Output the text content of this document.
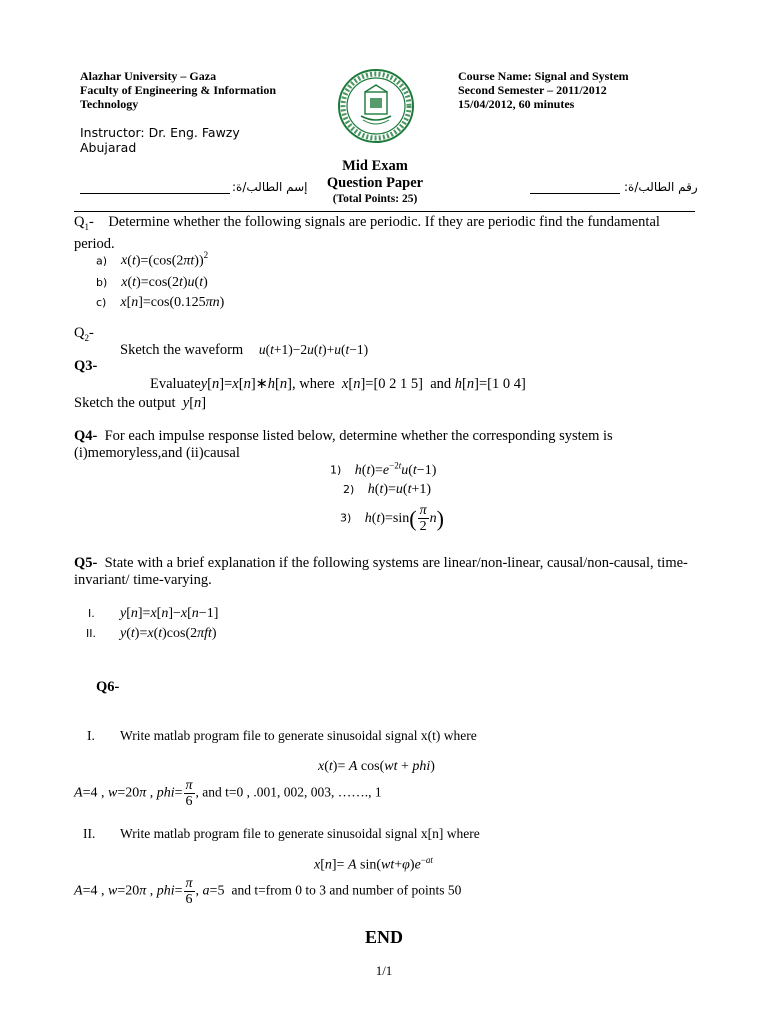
Alazhar University – Gaza
Faculty of Engineering & Information
Technology
Instructor: Dr. Eng. Fawzy
Abujarad
Course Name: Signal and System
Second Semester – 2011/2012
15/04/2012, 60 minutes
Mid Exam
Question Paper
(Total Points: 25)
إسم الطالب/ة:	رقم الطالب/ة:
$Q_1-$ Determine whether the following signals are periodic. If they are periodic find the fundamental period.
a) $x(t)=(\cos(2\pi t))^2$
b) x(t)=cos(2t)u(t)
c) x[n]=cos(0.125πn)
$Q_2-$
Sketch the waveform u(t+1)−2u(t)+u(t−1)
Q3-
Evaluatey[n]=x[n]∗h[n], where x[n]=[0 2 1 5]  and h[n]=[1 0 4]
Sketch the output y[n]
Q4- For each impulse response listed below, determine whether the corresponding system is (i)memoryless,and (ii)causal
1) $h(t)=e^{-2t}u(t-1)$
2) h(t)=u(t+1)
3) $h(t)=\sin( \frac{\pi}{2} n)$
Q5- State with a brief explanation if the following systems are linear/non-linear, causal/non-causal, time-invariant/ time-varying.
I. y[n]=x[n]−x[n−1]
II. y(t)=x(t)cos(2πft)
Q6-
I. Write matlab program file to generate sinusoidal signal x(t) where
x(t)= A cos(wt + phi)
A=4 , w=20π , $phi= \frac{\pi}{6}$ , and t=0 , .001, 002, 003, ……., 1
II. Write matlab program file to generate sinusoidal signal x[n] where
x[n]= A $\sin(wt+\varphi)e^{-at}$
A=4 , w=20π , $phi= \frac{\pi}{6}$ , a=5  and t=from 0 to 3 and number of points 50
END
1/1
